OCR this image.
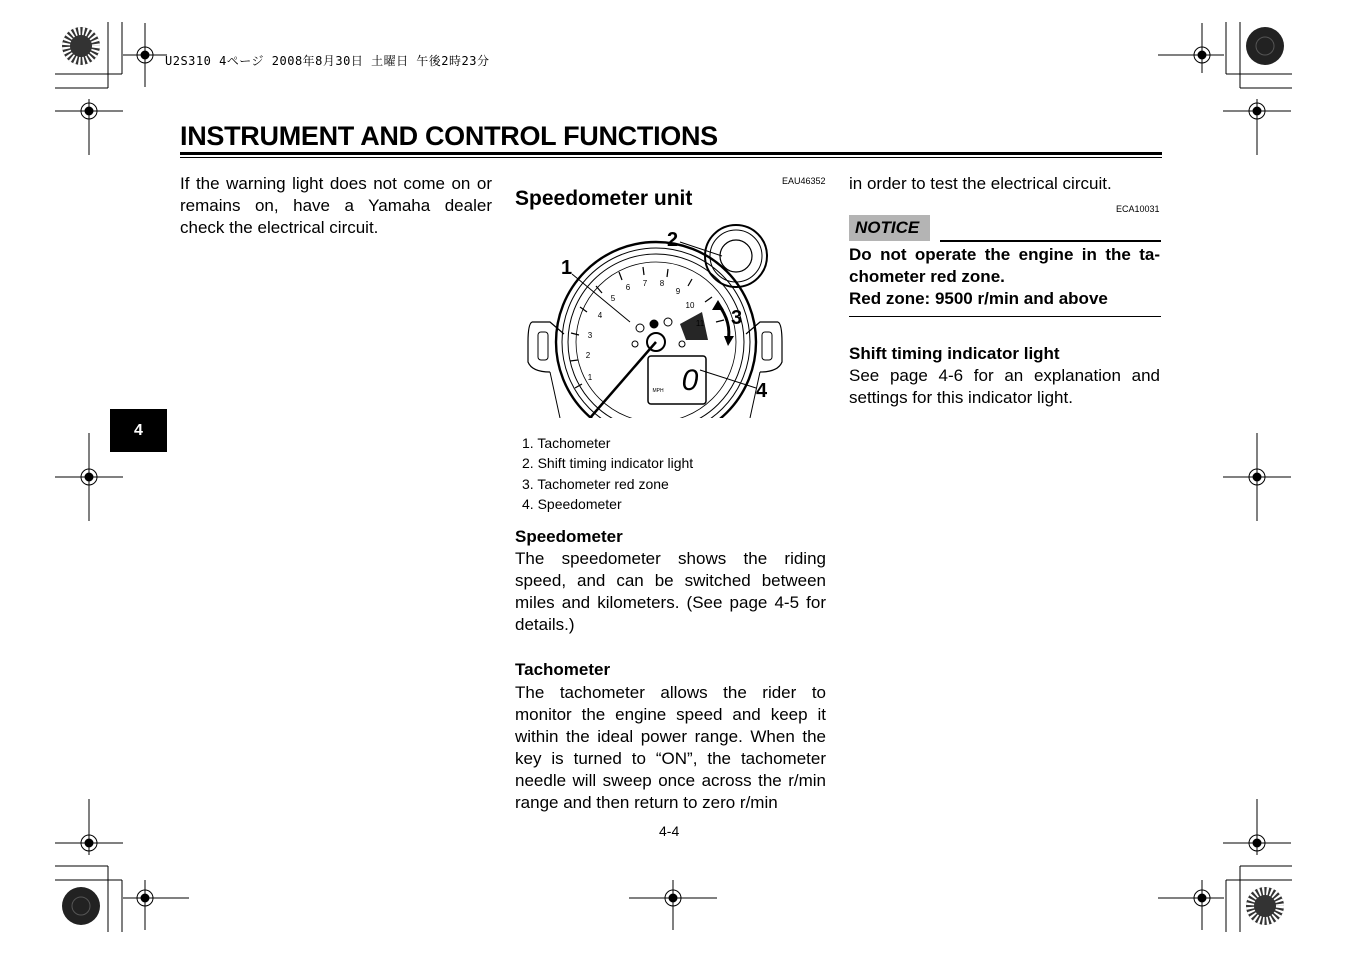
U2S310 4ページ 2008年8月30日 土曜日 午後2時23分
INSTRUMENT AND CONTROL FUNCTIONS
4
If the warning light does not come on or remains on, have a Yamaha dealer check the electrical circuit.
EAU46352
Speedometer unit
1
2
3
4
5
6 7 8
9
10
11
0
MPH
1
2
3
4
1. Tachometer
2. Shift timing indicator light
3. Tachometer red zone
4. Speedometer
Speedometer
The speedometer shows the riding speed, and can be switched between miles and kilometers. (See page 4-5 for details.)
Tachometer
The tachometer allows the rider to monitor the engine speed and keep it within the ideal power range. When the key is turned to “ON”, the tachometer needle will sweep once across the r/min range and then return to zero r/min
in order to test the electrical circuit.
ECA10031
NOTICE
Do not operate the engine in the ta-chometer red zone.
Red zone: 9500 r/min and above
Shift timing indicator light
See page 4-6 for an explanation and settings for this indicator light.
4-4
